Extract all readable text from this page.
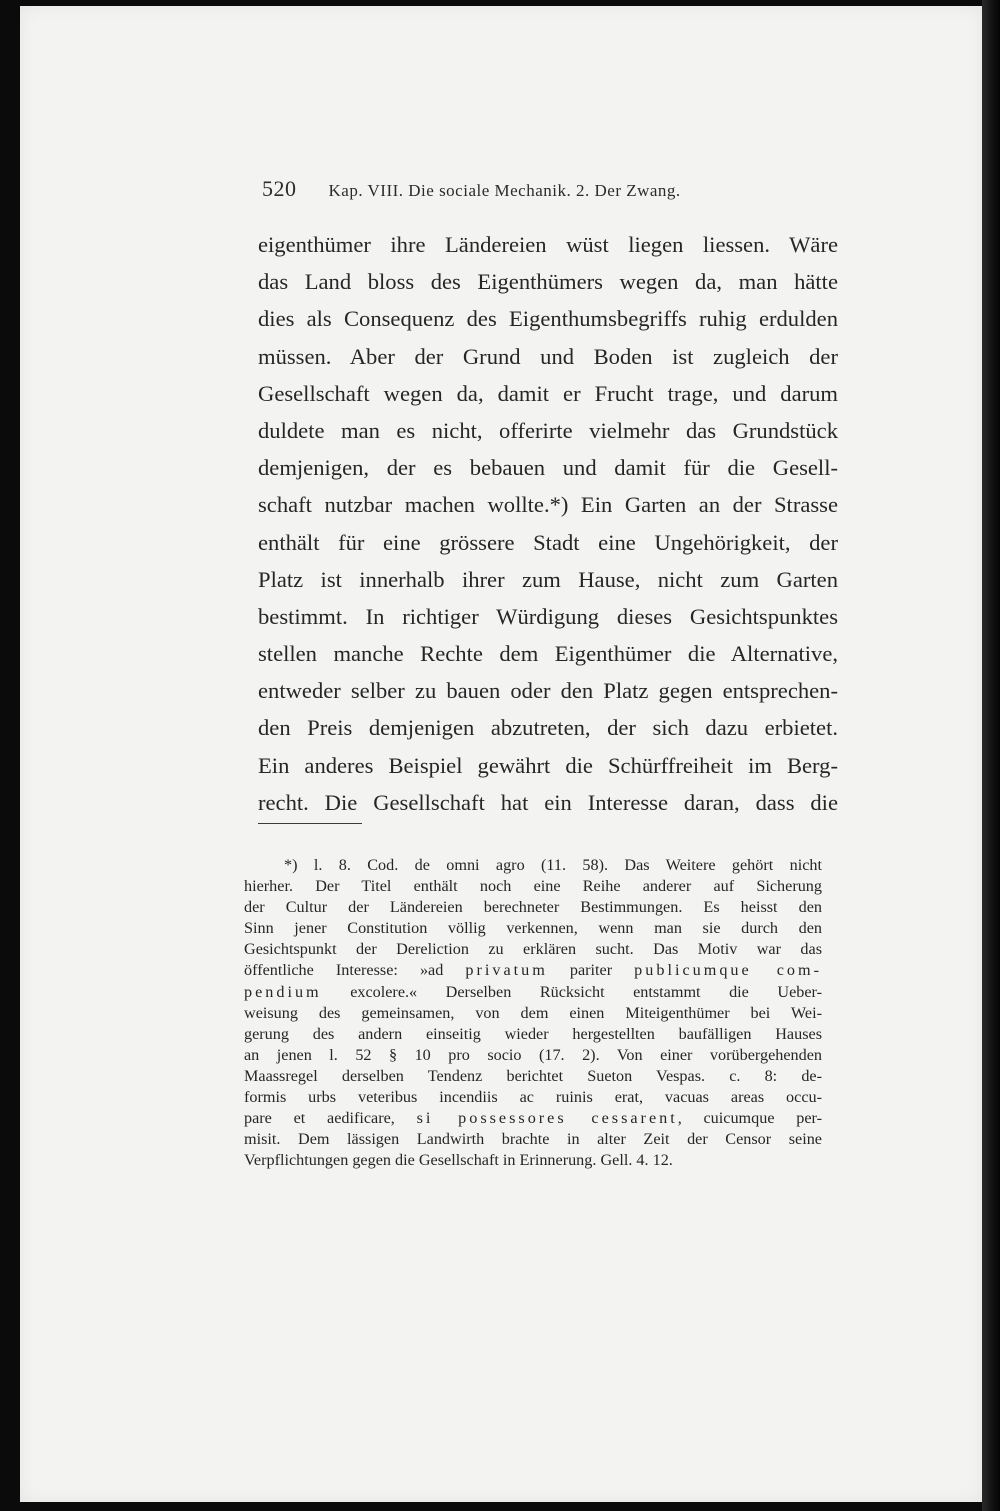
520 Kap. VIII. Die sociale Mechanik. 2. Der Zwang.
eigenthümer ihre Ländereien wüst liegen liessen. Wäre
das Land bloss des Eigenthümers wegen da, man hätte
dies als Consequenz des Eigenthumsbegriffs ruhig erdulden
müssen. Aber der Grund und Boden ist zugleich der
Gesellschaft wegen da, damit er Frucht trage, und darum
duldete man es nicht, offerirte vielmehr das Grundstück
demjenigen, der es bebauen und damit für die Gesell-
schaft nutzbar machen wollte.*) Ein Garten an der Strasse
enthält für eine grössere Stadt eine Ungehörigkeit, der
Platz ist innerhalb ihrer zum Hause, nicht zum Garten
bestimmt. In richtiger Würdigung dieses Gesichtspunktes
stellen manche Rechte dem Eigenthümer die Alternative,
entweder selber zu bauen oder den Platz gegen entsprechen-
den Preis demjenigen abzutreten, der sich dazu erbietet.
Ein anderes Beispiel gewährt die Schürffreiheit im Berg-
recht. Die Gesellschaft hat ein Interesse daran, dass die
*) l. 8. Cod. de omni agro (11. 58). Das Weitere gehört nicht
hierher. Der Titel enthält noch eine Reihe anderer auf Sicherung
der Cultur der Ländereien berechneter Bestimmungen. Es heisst den
Sinn jener Constitution völlig verkennen, wenn man sie durch den
Gesichtspunkt der Dereliction zu erklären sucht. Das Motiv war das
öffentliche Interesse: »ad privatum pariter publicumque com-
pendium excolere.« Derselben Rücksicht entstammt die Ueber-
weisung des gemeinsamen, von dem einen Miteigenthümer bei Wei-
gerung des andern einseitig wieder hergestellten baufälligen Hauses
an jenen l. 52 § 10 pro socio (17. 2). Von einer vorübergehenden
Maassregel derselben Tendenz berichtet Sueton Vespas. c. 8: de-
formis urbs veteribus incendiis ac ruinis erat, vacuas areas occu-
pare et aedificare, si possessores cessarent, cuicumque per-
misit. Dem lässigen Landwirth brachte in alter Zeit der Censor seine
Verpflichtungen gegen die Gesellschaft in Erinnerung. Gell. 4. 12.
